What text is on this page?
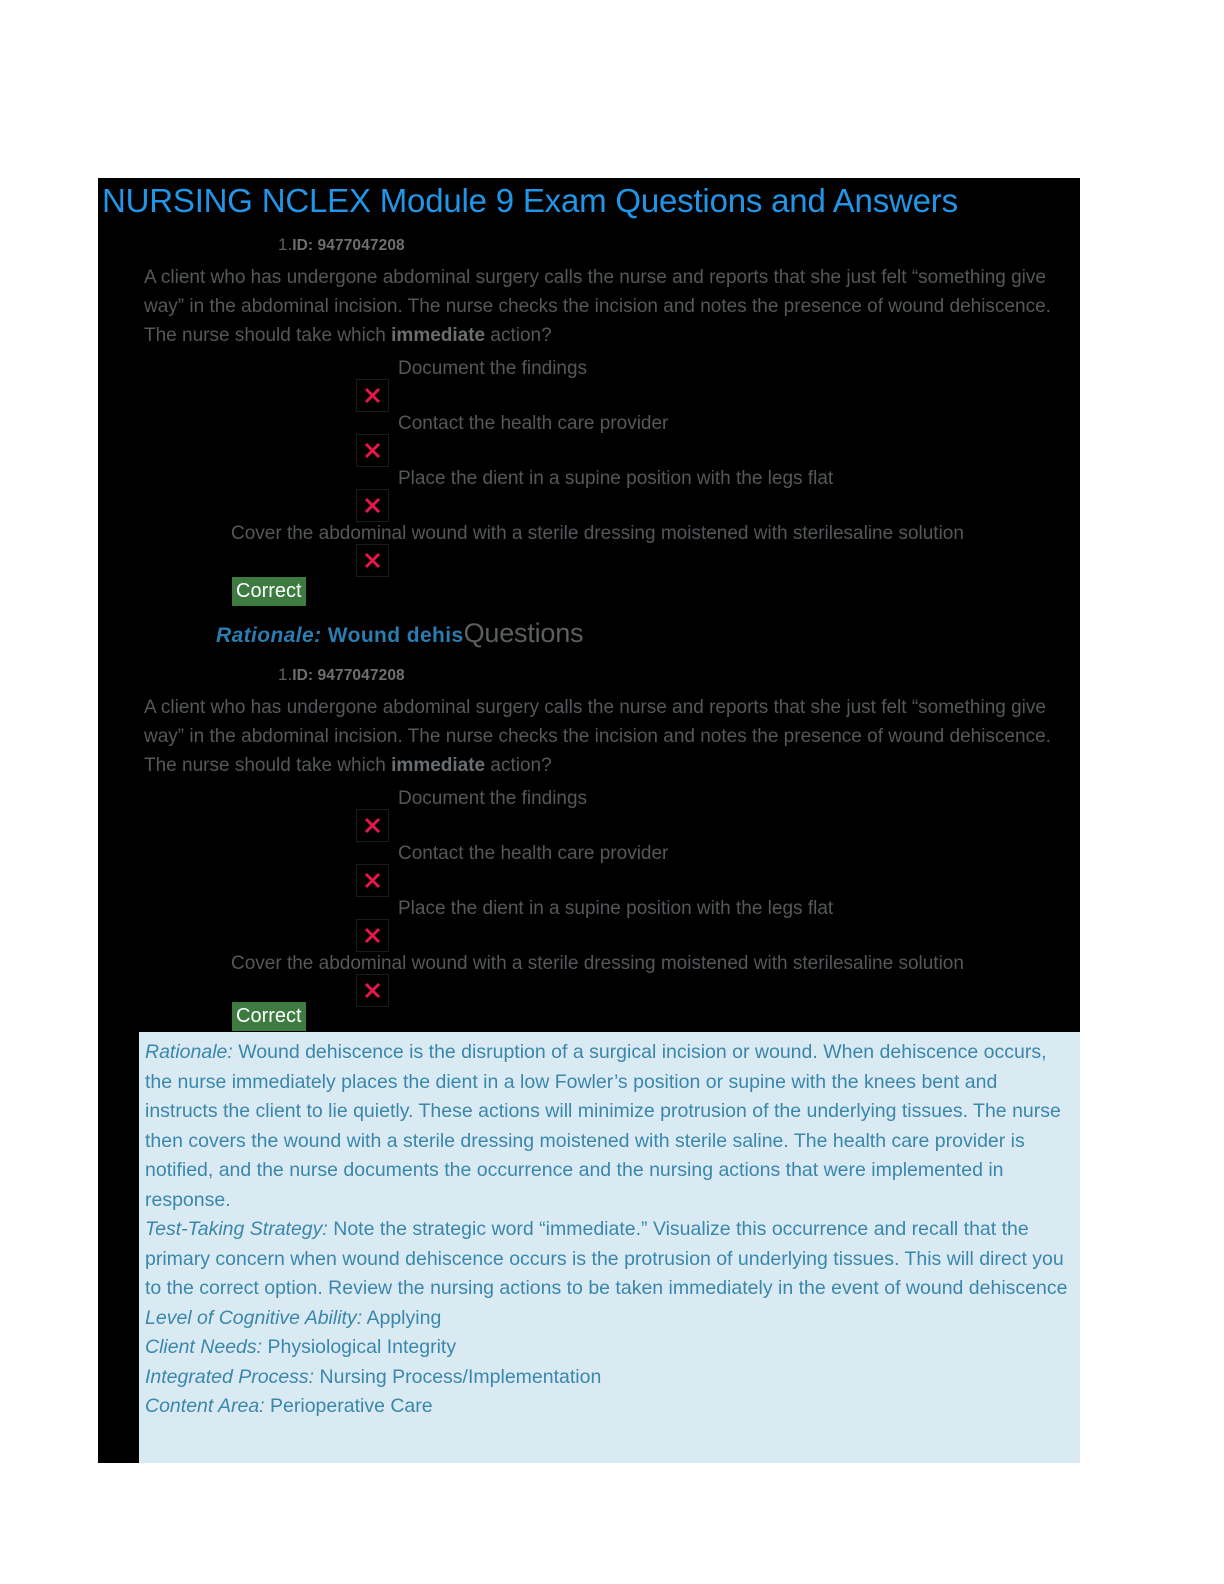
NURSING NCLEX Module 9 Exam Questions and Answers
1.ID: 9477047208
A client who has undergone abdominal surgery calls the nurse and reports that she just felt “something give way” in the abdominal incision. The nurse checks the incision and notes the presence of wound dehiscence. The nurse should take which immediate action?
Document the findings
Contact the health care provider
Place the dient in a supine position with the legs flat
Cover the abdominal wound with a sterile dressing moistened with sterilesaline solution
Correct
Rationale: Wound dehisQuestions
1.ID: 9477047208
A client who has undergone abdominal surgery calls the nurse and reports that she just felt “something give way” in the abdominal incision. The nurse checks the incision and notes the presence of wound dehiscence. The nurse should take which immediate action?
Document the findings
Contact the health care provider
Place the dient in a supine position with the legs flat
Cover the abdominal wound with a sterile dressing moistened with sterilesaline solution
Correct

Rationale: Wound dehiscence is the disruption of a surgical incision or wound. When dehiscence occurs, the nurse immediately places the dient in a low Fowler’s position or supine with the knees bent and instructs the client to lie quietly. These actions will minimize protrusion of the underlying tissues. The nurse then covers the wound with a sterile dressing moistened with sterile saline. The health care provider is notified, and the nurse documents the occurrence and the nursing actions that were implemented in response.

Test-Taking Strategy: Note the strategic word “immediate.” Visualize this occurrence and recall that the primary concern when wound dehiscence occurs is the protrusion of underlying tissues. This will direct you to the correct option. Review the nursing actions to be taken immediately in the event of wound dehiscence

Level of Cognitive Ability: Applying

Client Needs: Physiological Integrity

Integrated Process: Nursing Process/Implementation

Content Area: Perioperative Care
